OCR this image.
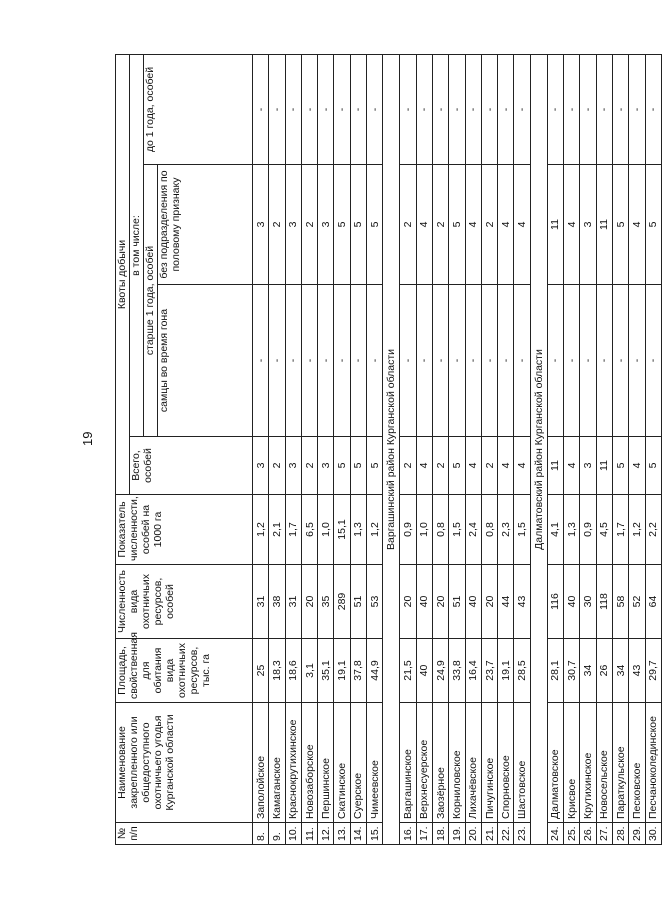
19
№ п/п	Наименование закрепленного или общедоступного охотничьего угодья Курганской области	Площадь, свойственная для обитания вида охотничьих ресурсов, тыс. га	Численность вида охотничьих ресурсов, особей	Показатель численности, особей на 1000 га	Квоты добычи			
					Всего, особей	в том числе:		
						старше 1 года, особей		до 1 года, особей
						самцы во время гона	без подразделения по половому признаку	
8.	Заполойское	25	31	1,2	3	-	3	-
9.	Камаганское	18,3	38	2,1	2	-	2	-
10.	Краснокрутихинское	18,6	31	1,7	3	-	3	-
11.	Новозаборское	3,1	20	6,5	2	-	2	-
12.	Першинское	35,1	35	1,0	3	-	3	-
13.	Скатинское	19,1	289	15,1	5	-	5	-
14.	Суерское	37,8	51	1,3	5	-	5	-
15.	Чимеевское	44,9	53	1,2	5	-	5	-
Варгашинский район Курганской области								
16.	Варгашинское	21,5	20	0,9	2	-	2	-
17.	Верхнесуерское	40	40	1,0	4	-	4	-
18.	Заозёрное	24,9	20	0,8	2	-	2	-
19.	Корниловское	33,8	51	1,5	5	-	5	-
20.	Лихачёвское	16,4	40	2,4	4	-	4	-
21.	Пичугинское	23,7	20	0,8	2	-	2	-
22.	Спорновское	19,1	44	2,3	4	-	4	-
23.	Шастовское	28,5	43	1,5	4	-	4	-
Далматовский район Курганской области								
24.	Далматовское	28,1	116	4,1	11	-	11	-
25.	Крисвое	30,7	40	1,3	4	-	4	-
26.	Крутихинское	34	30	0,9	3	-	3	-
27.	Новосельское	26	118	4,5	11	-	11	-
28.	Параткульское	34	58	1,7	5	-	5	-
29.	Песковское	43	52	1,2	4	-	4	-
30.	Песчаноколединское	29,7	64	2,2	5	-	5	-
